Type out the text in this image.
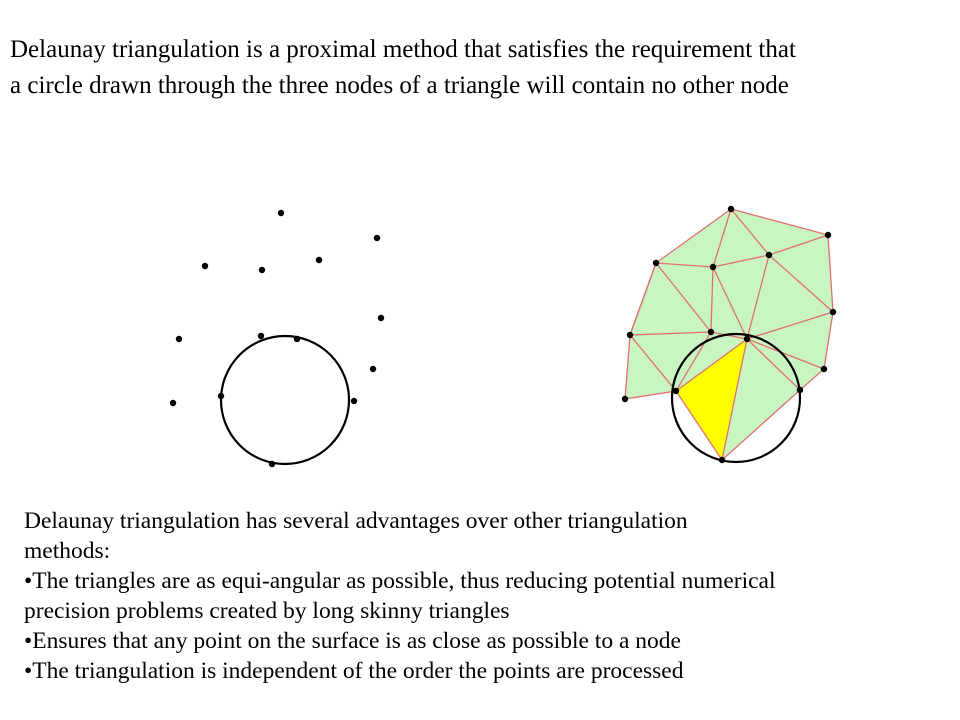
Delaunay triangulation is a proximal method that satisfies the requirement that
a circle drawn through the three nodes of a triangle will contain no other node
Delaunay triangulation has several advantages over other triangulation
methods:
•The triangles are as equi-angular as possible, thus reducing potential numerical
precision problems created by long skinny triangles
•Ensures that any point on the surface is as close as possible to a node
•The triangulation is independent of the order the points are processed
